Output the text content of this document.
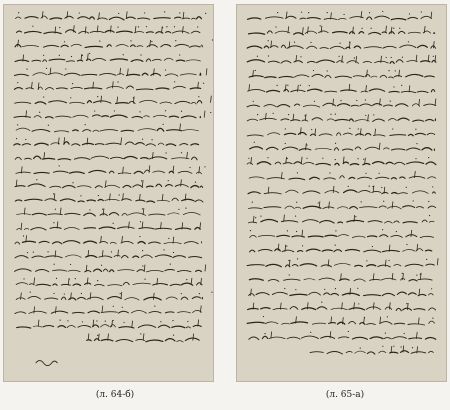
(л. 64-б)	(л. 65-а)
